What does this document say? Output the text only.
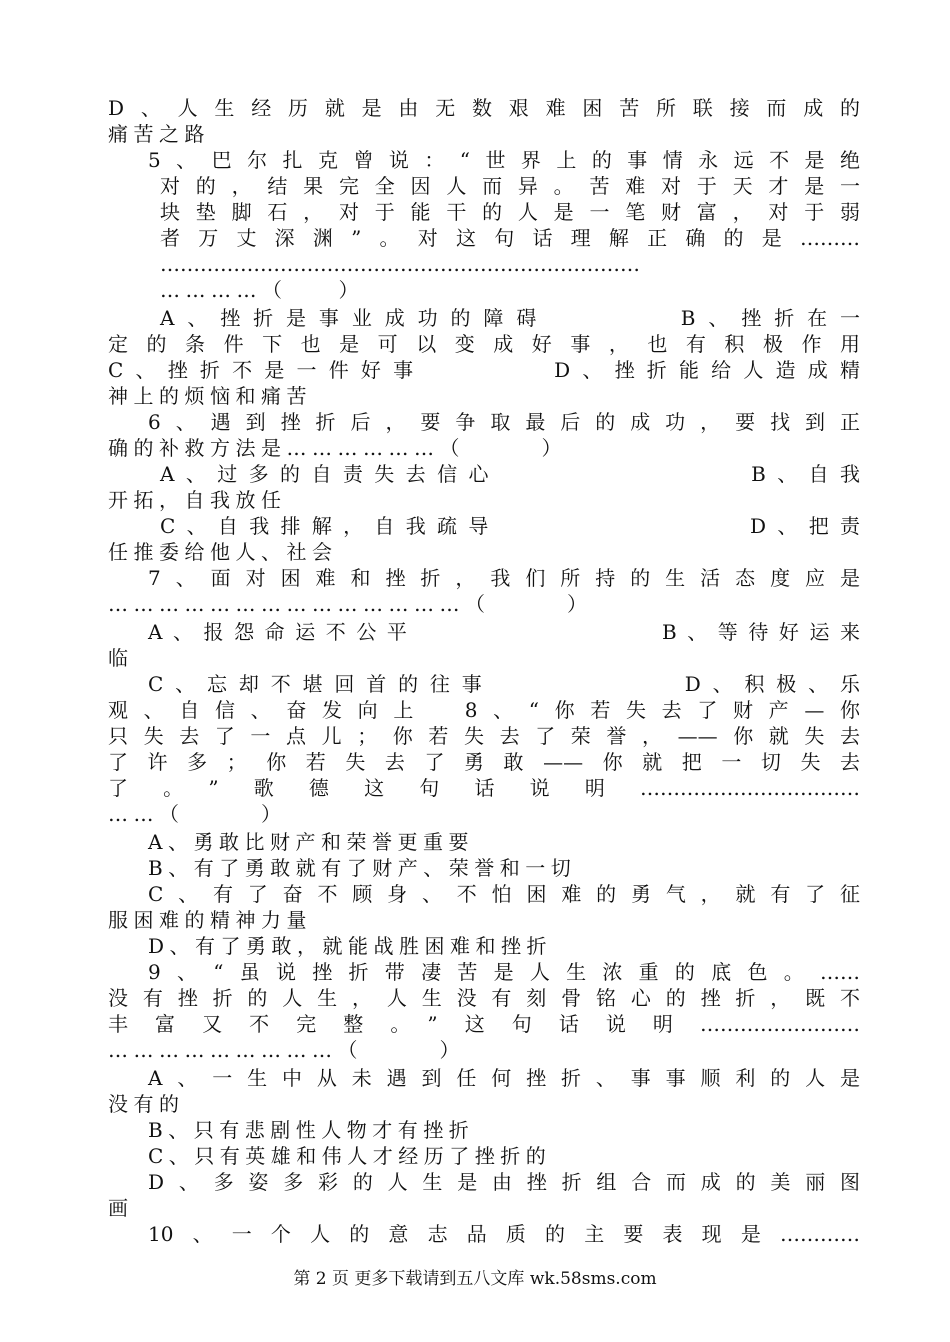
D、人生经历就是由无数艰难困苦所联接而成的
痛苦之路
5、巴尔扎克曾说：“世界上的事情永远不是绝
对的，结果完全因人而异。苦难对于天才是一
块垫脚石，对于能干的人是一笔财富，对于弱
者万丈深渊”。对这句话理解正确的是………
………………………………………………………………
…………（　　）
A、挫折是事业成功的障碍　　　　B、挫折在一
定的条件下也是可以变成好事，也有积极作用
C、挫折不是一件好事　　　　D、挫折能给人造成精
神上的烦恼和痛苦
6、遇到挫折后，要争取最后的成功，要找到正
确的补救方法是………………（　　　）
A、过多的自责失去信心　　　　　　　　B、自我
开拓，自我放任
C、自我排解，自我疏导　　　　　　　　D、把责
任推委给他人、社会
7、面对困难和挫折，我们所持的生活态度应是
……………………………………（　　　）
A、报怨命运不公平　　　　　　　　B、等待好运来
临
C、忘却不堪回首的往事　　　　　　D、积极、乐
观、自信、奋发向上　8、“你若失去了财产—你
只失去了一点儿；你若失去了荣誉，——你就失去
了许多；你若失去了勇敢——你就把一切失去
了。”歌德这句话说明……………………………
……（　　　）
A、勇敢比财产和荣誉更重要
B、有了勇敢就有了财产、荣誉和一切
C、有了奋不顾身、不怕困难的勇气，就有了征
服困难的精神力量
D、有了勇敢，就能战胜困难和挫折
9、“虽说挫折带凄苦是人生浓重的底色。……
没有挫折的人生，人生没有刻骨铭心的挫折，既不
丰富又不完整。”这句话说明……………………
………………………（　　　）
A、一生中从未遇到任何挫折、事事顺利的人是
没有的
B、只有悲剧性人物才有挫折
C、只有英雄和伟人才经历了挫折的
D、多姿多彩的人生是由挫折组合而成的美丽图
画
10、一个人的意志品质的主要表现是…………
第 2 页 更多下载请到五八文库 wk.58sms.com
